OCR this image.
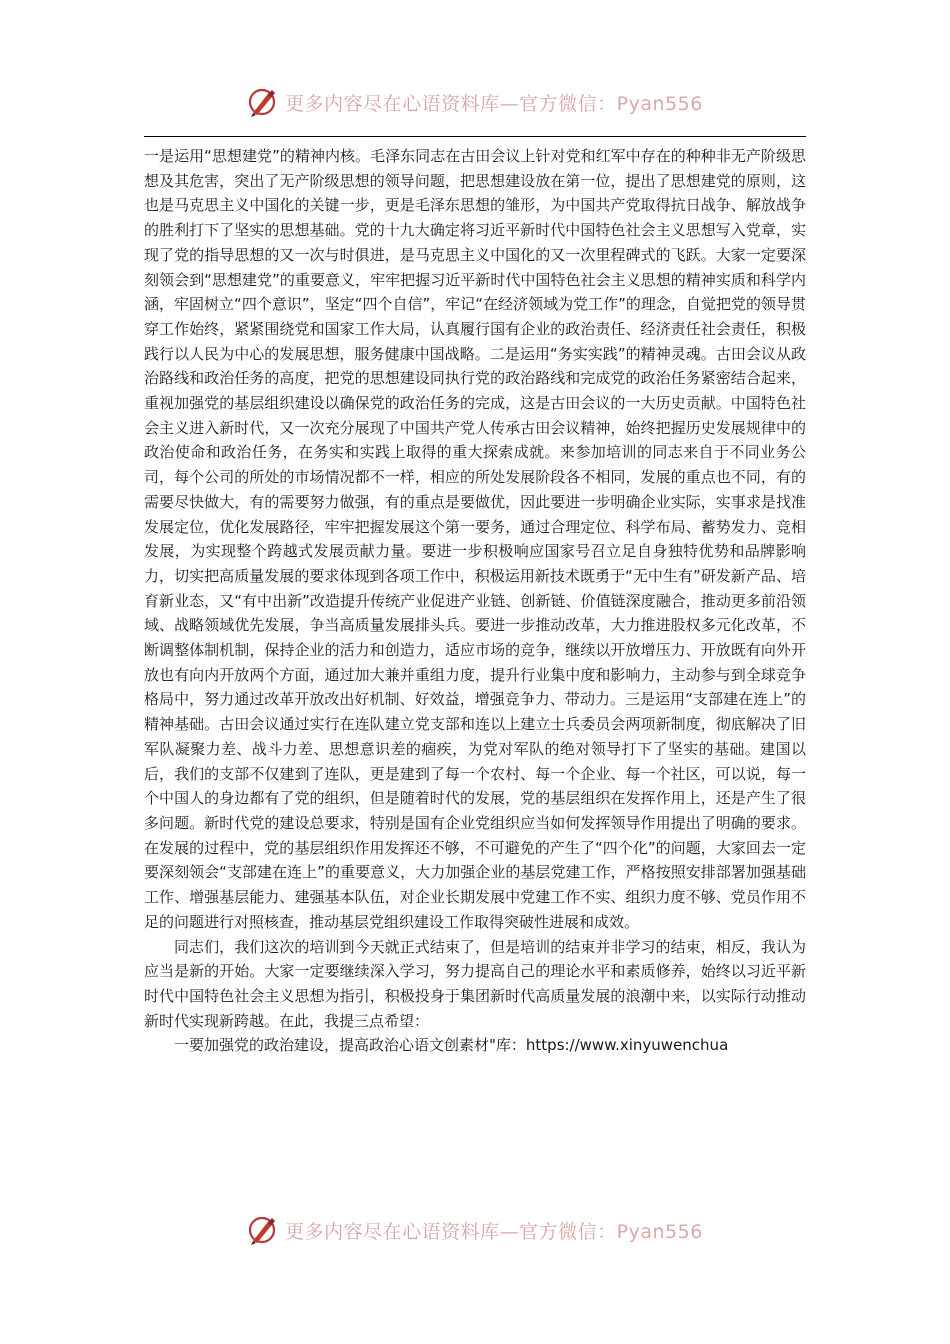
更多内容尽在心语资料库—官方微信：Pyan556

一是运用“思想建党”的精神内核。毛泽东同志在古田会议上针对党和红军中存在的种种非无产阶级思想及其危害，突出了无产阶级思想的领导问题，把思想建设放在第一位，提出了思想建党的原则，这也是马克思主义中国化的关键一步，更是毛泽东思想的雏形，为中国共产党取得抗日战争、解放战争的胜利打下了坚实的思想基础。党的十九大确定将习近平新时代中国特色社会主义思想写入党章，实现了党的指导思想的又一次与时俱进，是马克思主义中国化的又一次里程碑式的飞跃。大家一定要深刻领会到“思想建党”的重要意义，牢牢把握习近平新时代中国特色社会主义思想的精神实质和科学内涵，牢固树立“四个意识”，坚定“四个自信”，牢记“在经济领域为党工作”的理念，自觉把党的领导贯穿工作始终，紧紧围绕党和国家工作大局，认真履行国有企业的政治责任、经济责任社会责任，积极践行以人民为中心的发展思想，服务健康中国战略。二是运用“务实实践”的精神灵魂。古田会议从政治路线和政治任务的高度，把党的思想建设同执行党的政治路线和完成党的政治任务紧密结合起来，重视加强党的基层组织建设以确保党的政治任务的完成，这是古田会议的一大历史贡献。中国特色社会主义进入新时代，又一次充分展现了中国共产党人传承古田会议精神，始终把握历史发展规律中的政治使命和政治任务，在务实和实践上取得的重大探索成就。来参加培训的同志来自于不同业务公司，每个公司的所处的市场情况都不一样，相应的所处发展阶段各不相同，发展的重点也不同，有的需要尽快做大，有的需要努力做强，有的重点是要做优，因此要进一步明确企业实际，实事求是找准发展定位，优化发展路径，牢牢把握发展这个第一要务，通过合理定位、科学布局、蓄势发力、竞相发展，为实现整个跨越式发展贡献力量。要进一步积极响应国家号召立足自身独特优势和品牌影响力，切实把高质量发展的要求体现到各项工作中，积极运用新技术既勇于“无中生有”研发新产品、培育新业态，又“有中出新”改造提升传统产业促进产业链、创新链、价值链深度融合，推动更多前沿领域、战略领域优先发展，争当高质量发展排头兵。要进一步推动改革，大力推进股权多元化改革，不断调整体制机制，保持企业的活力和创造力，适应市场的竞争，继续以开放增压力、开放既有向外开放也有向内开放两个方面，通过加大兼并重组力度，提升行业集中度和影响力，主动参与到全球竞争格局中，努力通过改革开放改出好机制、好效益，增强竞争力、带动力。三是运用“支部建在连上”的精神基础。古田会议通过实行在连队建立党支部和连以上建立士兵委员会两项新制度，彻底解决了旧军队凝聚力差、战斗力差、思想意识差的痼疾，为党对军队的绝对领导打下了坚实的基础。建国以后，我们的支部不仅建到了连队，更是建到了每一个农村、每一个企业、每一个社区，可以说，每一个中国人的身边都有了党的组织，但是随着时代的发展，党的基层组织在发挥作用上，还是产生了很多问题。新时代党的建设总要求，特别是国有企业党组织应当如何发挥领导作用提出了明确的要求。在发展的过程中，党的基层组织作用发挥还不够，不可避免的产生了“四个化”的问题，大家回去一定要深刻领会“支部建在连上”的重要意义，大力加强企业的基层党建工作，严格按照安排部署加强基础工作、增强基层能力、建强基本队伍，对企业长期发展中党建工作不实、组织力度不够、党员作用不足的问题进行对照核查，推动基层党组织建设工作取得突破性进展和成效。

同志们，我们这次的培训到今天就正式结束了，但是培训的结束并非学习的结束，相反，我认为应当是新的开始。大家一定要继续深入学习，努力提高自己的理论水平和素质修养，始终以习近平新时代中国特色社会主义思想为指引，积极投身于集团新时代高质量发展的浪潮中来，以实际行动推动新时代实现新跨越。在此，我提三点希望：

一要加强党的政治建设，提高政治心语文创素材"库：https://www.xinyuwenchua

更多内容尽在心语资料库—官方微信：Pyan556
